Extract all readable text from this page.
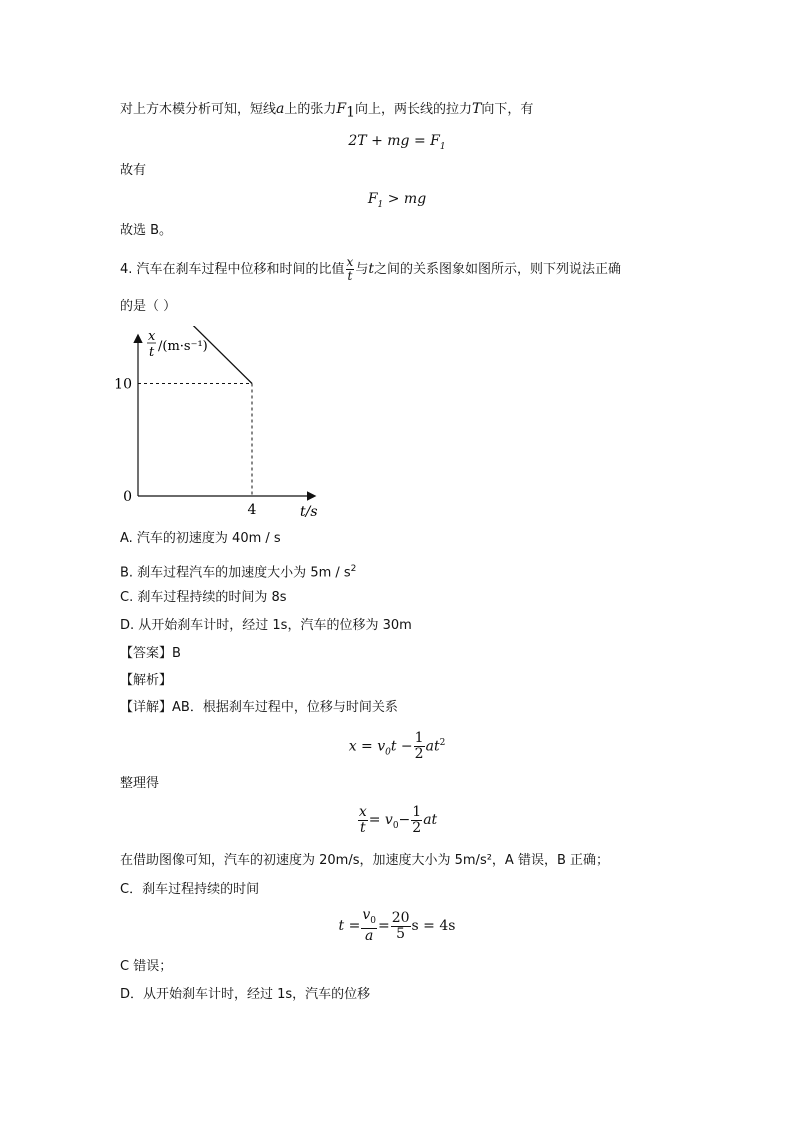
对上方木模分析可知，短线a上的张力$F_1$向上，两长线的拉力T向下，有
2T + mg = $F_1$
故有
$F_1$ > mg
故选 B。
4. 汽车在刹车过程中位移和时间的比值 $\frac{x}{t}$ 与t之间的关系图象如图所示，则下列说法正确
的是（ ）
x
t /(m·s⁻¹)
t/s
10
0
4
A. 汽车的初速度为 40m / s
B. 刹车过程汽车的加速度大小为 $5m / s^2$
C. 刹车过程持续的时间为 8s
D. 从开始刹车计时，经过 1s，汽车的位移为 30m
【答案】B
【解析】
【详解】AB．根据刹车过程中，位移与时间关系
$x = v_0t - \frac{1}{2} at^2$
整理得
$\frac{x}{t} = v_0- \frac{1}{2}$ at
在借助图像可知，汽车的初速度为 20m/s，加速度大小为 5m/s²，A 错误，B 正确；
C．刹车过程持续的时间
$t = \frac{v_0}{a} = \frac{20}{5}$ s = 4s
C 错误；
D．从开始刹车计时，经过 1s，汽车的位移
